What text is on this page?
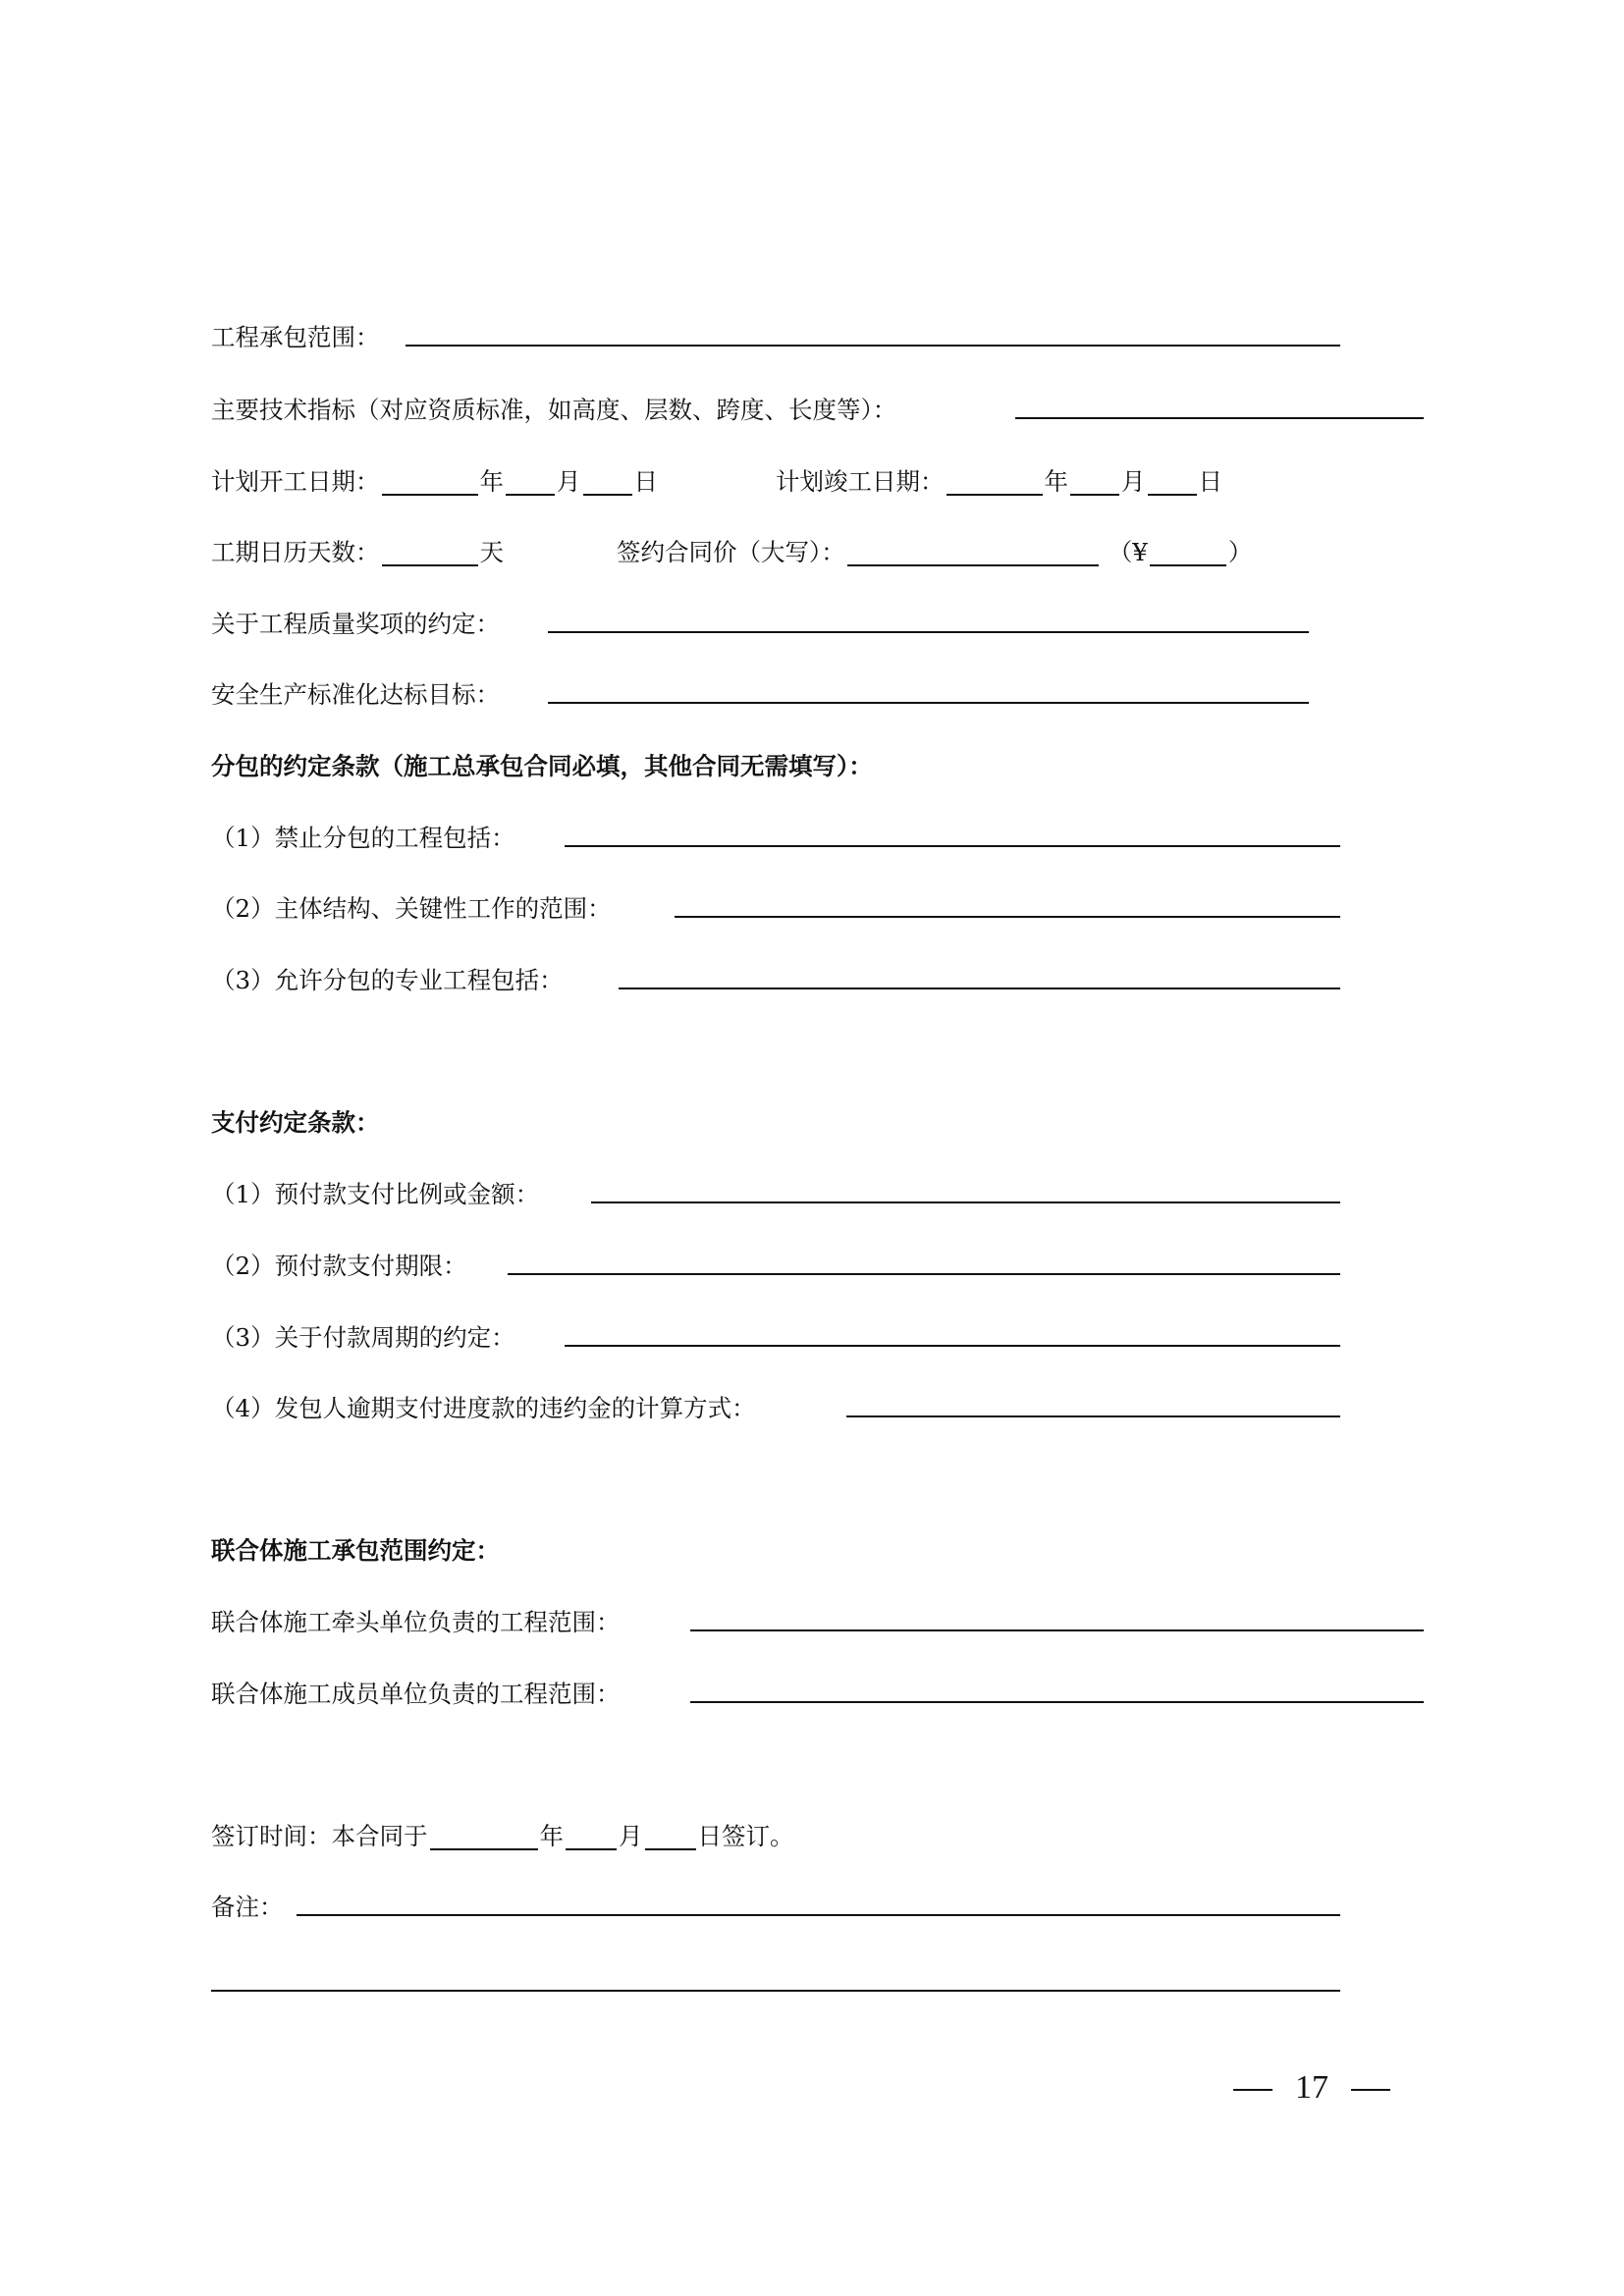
工程承包范围：
主要技术指标（对应资质标准，如高度、层数、跨度、长度等）：
计划开工日期：	年 月 日	计划竣工日期：	年 月 日
工期日历天数：	天	签约合同价（大写）：	（¥	）
关于工程质量奖项的约定：
安全生产标准化达标目标：
分包的约定条款（施工总承包合同必填，其他合同无需填写）：
（1）禁止分包的工程包括：
（2）主体结构、关键性工作的范围：
（3）允许分包的专业工程包括：
支付约定条款：
（1）预付款支付比例或金额：
（2）预付款支付期限：
（3）关于付款周期的约定：
（4）发包人逾期支付进度款的违约金的计算方式：
联合体施工承包范围约定：
联合体施工牵头单位负责的工程范围：
联合体施工成员单位负责的工程范围：
签订时间：本合同于	年 月 日签订。
备注：
17
